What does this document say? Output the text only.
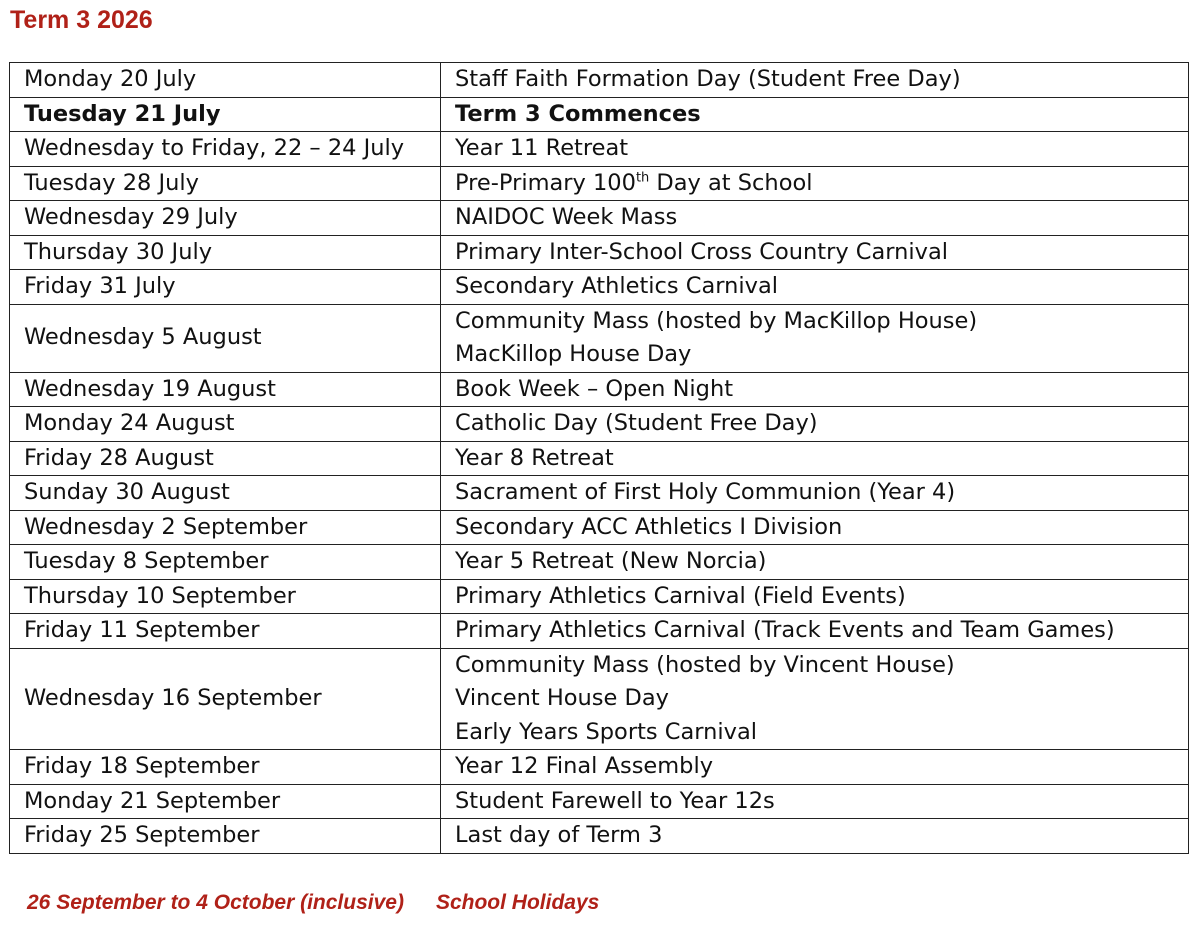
Term 3 2026
Monday 20 July	Staff Faith Formation Day (Student Free Day)

Tuesday 21 July	Term 3 Commences

Wednesday to Friday, 22 – 24 July	Year 11 Retreat

Tuesday 28 July	Pre-Primary 100th Day at School

Wednesday 29 July	NAIDOC Week Mass

Thursday 30 July	Primary Inter-School Cross Country Carnival

Friday 31 July	Secondary Athletics Carnival

Wednesday 5 August	Community Mass (hosted by MacKillop House)
MacKillop House Day

Wednesday 19 August	Book Week – Open Night

Monday 24 August	Catholic Day (Student Free Day)

Friday 28 August	Year 8 Retreat

Sunday 30 August	Sacrament of First Holy Communion (Year 4)

Wednesday 2 September	Secondary ACC Athletics I Division

Tuesday 8 September	Year 5 Retreat (New Norcia)

Thursday 10 September	Primary Athletics Carnival (Field Events)

Friday 11 September	Primary Athletics Carnival (Track Events and Team Games)

Wednesday 16 September	Community Mass (hosted by Vincent House)
Vincent House Day
Early Years Sports Carnival

Friday 18 September	Year 12 Final Assembly

Monday 21 September	Student Farewell to Year 12s

Friday 25 September	Last day of Term 3
26 September to 4 October (inclusive) School Holidays
